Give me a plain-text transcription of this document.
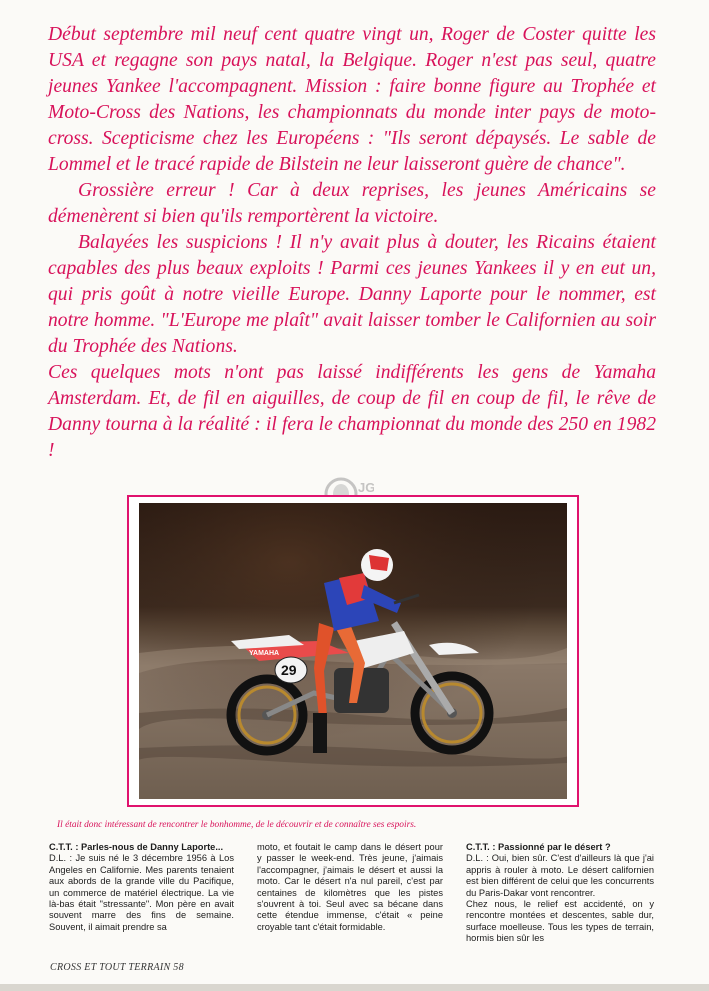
Début septembre mil neuf cent quatre vingt un, Roger de Coster quitte les USA et regagne son pays natal, la Belgique. Roger n'est pas seul, quatre jeunes Yankee l'accompagnent. Mission : faire bonne figure au Trophée et Moto-Cross des Nations, les championnats du monde inter pays de moto-cross. Scepticisme chez les Européens : "Ils seront dépaysés. Le sable de Lommel et le tracé rapide de Bilstein ne leur laisseront guère de chance".

Grossière erreur ! Car à deux reprises, les jeunes Américains se démenèrent si bien qu'ils remportèrent la victoire.

Balayées les suspicions ! Il n'y avait plus à douter, les Ricains étaient capables des plus beaux exploits ! Parmi ces jeunes Yankees il y en eut un, qui pris goût à notre vieille Europe. Danny Laporte pour le nommer, est notre homme. "L'Europe me plaît" avait laisser tomber le Californien au soir du Trophée des Nations.

Ces quelques mots n'ont pas laissé indifférents les gens de Yamaha Amsterdam. Et, de fil en aiguilles, de coup de fil en coup de fil, le rêve de Danny tourna à la réalité : il fera le championnat du monde des 250 en 1982 !

JG
29
YAMAHA
Il était donc intéressant de rencontrer le bonhomme, de le découvrir et de connaître ses espoirs.

C.T.T. : Parles-nous de Danny Laporte...

D.L. : Je suis né le 3 décembre 1956 à Los Angeles en Californie. Mes parents tenaient aux abords de la grande ville du Pacifique, un commerce de matériel électrique. La vie là-bas était "stressante". Mon père en avait souvent marre des fins de semaine. Souvent, il aimait prendre sa

moto, et foutait le camp dans le désert pour y passer le week-end. Très jeune, j'aimais l'accompagner, j'aimais le désert et aussi la moto. Car le désert n'a nul pareil, c'est par centaines de kilomètres que les pistes s'ouvrent à toi. Seul avec sa bécane dans cette étendue immense, c'était « peine croyable tant c'était formidable.

C.T.T. : Passionné par le désert ?

D.L. : Oui, bien sûr. C'est d'ailleurs là que j'ai appris à rouler à moto. Le désert californien est bien différent de celui que les concurrents du Paris-Dakar vont rencontrer.

Chez nous, le relief est accidenté, on y rencontre montées et descentes, sable dur, surface moelleuse. Tous les types de terrain, hormis bien sûr les

CROSS ET TOUT TERRAIN 58
